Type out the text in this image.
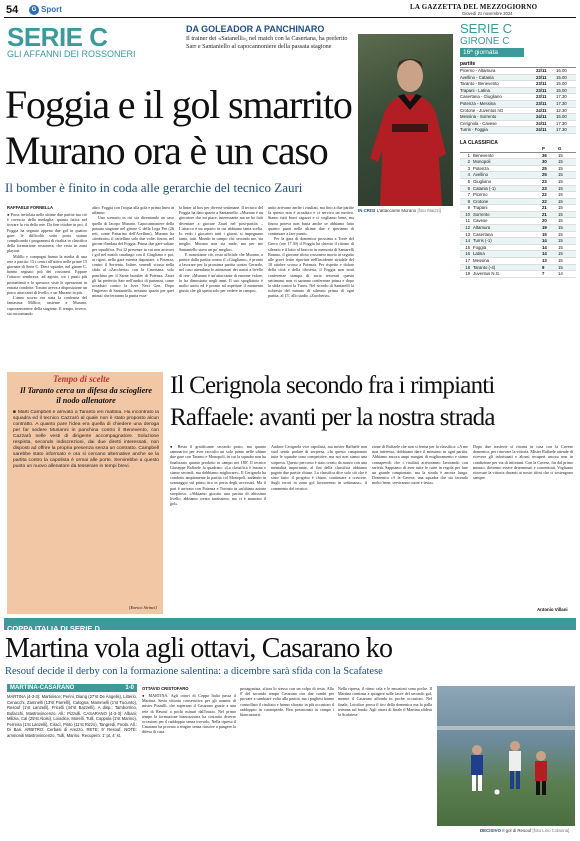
54	G Sport	LA GAZZETTA DEL MEZZOGIORNO
Giovedì 21 novembre 2024
SERIE C
GLI AFFANNI DEI ROSSONERI
DA GOLEADOR A PANCHINARO
Il trainer dei «Satanelli», nel match con la Casertana, ha preferito Sarr e Santaniello al capocannoniere della passata stagione
IN CRISI L'attaccante Murano [foto Maizzi]
Foggia e il gol smarrito
Murano ora è un caso
Il bomber è finito in coda alle gerarchie del tecnico Zauri
RAFFAELE FORNELLA

● Porta inviolata nelle ultime due partite ma ciò è rovescio della medaglia: quanta fatica nel trovare la via della rete. Da fine ottobre in poi, il Foggia ha segnato appena due gol in quattro gare: le difficoltà sotto porta stanno complicando i programmi di risalita in classifica della formazione rossonera, che resta in zona playout.

Milillo e compagni hanno la media di una rete a partita: 15 i centri all'attivo nelle prime 15 giornate di Serie C. Dieci squadre, nel girone C, hanno segnato più dei rossoneri. Eppure l'attacco sembrava, ad agosto, tra i punti più promettenti e lo spessore viste le operazioni in entrata condotte. Tonino aveva a disposizione un parco attaccanti di livello, e un Murano in più.

L'anno scorso era stata la conferma del fantasista Millico, assieme a Murano, capocannoniere della stagione. Il tempo, invece, sta raccontando

altro. Foggia con l'acqua alla gola e prima linea in affanno.

Uno scenario in cui sta diventando un caso quello di Jacopo Murano. Capocannoniere della passata stagione nel girone C della Lega Pro (26 reti, come Pattarino dell'Avellino), Murano ha «timbrato» il cartellino solo due volte, finora, nel girone d'andata del Foggia. Prima due gare saltate per squalifica. Poi 12 presenze in cui non arrivavi i gol nel match casalingo con il Giugliano e poi, ai rigori, nella gara esterna dapostare, a Potenza, contro il Sorrento. Infine, venerdì scorso nella sfida al «Zaccheria» con la Casertana, solo panchina per il Sarne bomber di Potenza. Zauri gli ha preferito Sarr nell'undici di partenza, come accaduto contro la Juve Next Gen. Dopo l'ingresso di Santaniello, nessuno spazio per quei minuti che terranno la punta esca-

la linter al box per diverse settimane. Il tecnico del Foggia ha dato spazio a Santaniello. «Murano è un giocatore che mi piace, interessante ma ne ho fatti diventare a giocare Zauri nel post-partita – L'attacco è un reparto in cui abbiamo tanta scelta. Io vedo i giocatori tutti i giorni, si impegnano tanto, tutti. Mondo in campo chi, secondo me, sta meglio. Murano non sta male, ma per me Santaniello stava un po' meglio».

E nonostante ciò, resta ufficiale che Murano, a partire dalla partita contro il «Giugliano», è pronto a lavorare per la prossima partita contro Gerardo, nel caso attendano le attenzioni dei nastri a livello di rete. «Murano è un'attaccante di enorme valore, lo ha dimostrato negli anni. Il suo spogliatoio è molto unito ed è pronto ad aspettare il momento giusto che gli spetta solo per vedere in campo».

unito arrivano anche i risultati, ma fino a due partite fa questo non è accaduto e ci serviva un motivo. Siamo tutti bravi ragazzi e ci vogliamo bene, ma finora poteva non basta anche se abbiamo fatto quattro punti nelle ultime due e speriamo di continuare a fare punti».

Per la gara di domenica prossima a Torre del Greco (ore 17.30) il Foggia ha chiesto il ritorno di silenzio e il lutto al braccio in memoria di Santarelli Brunno, il giovane tifoso rossonero morto in seguito alle gravi ferite riportate nell'incidente stradale del 18 ottobre scorso a Potenza. Per rispetto e dolore della città e della tifoseria, il Foggia non terrà conferenze stampa di sorta tesserati questa settimana, non ci saranno conferenze prima e dopo la sfida contro la Turris. Nel ricordo di Santarelli la richiesta del minuto di silenzio prima di ogni partita, al 15', allo stadio «Zaccheria».

SERIE C
GIRONE C
16ª giornata
partite
Picerno - Altamura	22/11	16.00
Avellino - Catania	23/11	15.00
Taranto - Benevento	23/11	15.00
Trapani - Latina	23/11	15.00
Casertana - Giugliano	23/11	17.30
Potenza - Messina	23/11	17.30
Crotone - Juventus nG	24/11	12.30
Messina - Sorrento	24/11	15.00
Cerignola - Cavese	24/11	17.30
Turris - Foggia	24/11	17.30
LA CLASSIFICA
P	G
1 Benevento	36	15
2 Monopoli	30	15
3 Potenza	25	15
4 Avellino	25	15
5 Giugliano	23	15
6 Catania (-1)	23	15
7 Picerno	22	15
8 Crotone	22	15
9 Trapani	21	15
10 Sorrento	21	15
11 Cavese	20	15
12 Altamura	19	15
13 Casertana	15	15
14 Turris (-1)	14	15
15 Foggia	14	15
16 Latina	14	15
17 Messina	13	15
18 Taranto (-4)	9	15
19 Juventus N.G.	7	14
Tempo di scelte
Il Taranto cerca un difesa da sciogliere il nodo allenatore
■ Marti Campbell è arrivato a Taranto ieri mattina. Ha incontrato la squadra ed il tecnico Cazzarò al quale non è stato proposto alcun contratto. A quanto pare l'idea era quella di chiedere una deroga per far sedere Murianni in panchina contro il Benevento, con Cazzarò nelle vesti di dirigente accompagnatore. Soluzione respinta, secondo indiscrezioni, dai due diretti interessati, non disposti ad offrire la propria presenza senza un contratto. Campbell sarebbe stato informato e ora si cercano alternative anche se la partita contro la capolista è ormai alle porte. Servirebbe a questo punto un nuovo allenatore da tesserare in tempi brevi.
[Enrico Sirinci]
Il Cerignola secondo fra i rimpianti
Raffaele: avanti per la nostra strada
● Resta il gratificante secondo posto, ma quanto rammarico per aver raccolto un solo punto nelle ultime due gare con Taranto e Monopoli, in cui la squadra non ha finalizzato quanto prodotto in campo nei 180'. Il tecnico Giuseppe Raffaele fa quadrato: «La classifica è buona e siamo secondi, ma dobbiamo migliorare». Il Cerignola ha condotto ampiamente la partita col Monopoli, andando in svantaggio sul primo tiro in porta degli avversari. Ma il pari è arrivato con Potenza e Toronto in un'ultima azione strepitosa. «Abbiamo giocato una partita di altissimo livello, abbiamo creato tantissimo, ma ci è mancato il gol».
Audace Cerignola vice capolista, ma mister Raffaele non vuol sentir parlare di sorpresa. «In questo campionato tutte le squadre sono competitive, ma noi non siamo una sorpresa. Questo percorso è stato creato da marzo con una mentalità importante, al fini della classifica abbiamo pagato due partite chiuse. La classifica dice solo ciò che è stato fatto: il progetto è chiaro, continuare a crescere. Sugli errori in zona gol lavoreremo in settimana», il commento del tecnico.
zione di Raffaele che non si ferma per la classifica: «A me non interessa, dobbiamo dare il massimo in ogni partita. Abbiamo ancora ampi margini di miglioramento e siamo consapevoli che i risultati arriveranno lavorando con serietà. Sappiamo di aver tutte le carte in regola per fare un grande campionato, ma la strada è ancora lunga. Domenica c'è la Cavese, una squadra che sta facendo molto bene, serviranno cuore e testa».
Dopo due trasferte sì ritorna in casa con la Cavese domenica, per ritrovare la vittoria. Mister Raffaele attende di ricevere gli infortunati e alcuni recuperi ancora non in condizione per via di infortuni. Con la Cavese, fin dal primo minuto, dovremo essere determinati e concentrati. Vogliamo ritrovare la vittoria davanti ai nostri tifosi che ci sostengono sempre.
Antonio Villani
COPPA ITALIA DI SERIE D
Martina vola agli ottavi, Casarano ko
Resouf decide il derby con la formazione salentina: a dicembre sarà sfida con la Scafatese
MARTINA-CASARANO	1-0
MARTINA (4-3-3): Martinisce; Perini, Diang (27'st De Angelis), Litterio, Cenacchi, Zamnelli (13'st Parrelli), Calogna, Mammelli (1'st Tucunto), Resouf (1'st Lanzelli), Fricelli (44'st Bazzelli). A disp.: Tamborrino, Bufacchi, Mastrovincenzo. All.: Pizzulli. CASARANO (4-3-3): Albani; Milizia, Cal (25'st Aloisi), Loiodice, Morelli, Tulli, Coppola (1'st Marino), Ferreira (1'st Lanzelli), Ciracì, Pinto (11'st Rizzo), Tangredi, Feola. All.: Di Bari. ARBITRO: Cerbasi di Arezzo. RETE: 9' Resouf. NOTE: ammoniti Mastrovincenzo, Tulli, Marino. Recupero: 1' pt, 4' st.
OTTAVIO CRISTOFARO
● MARTINA. Agli ottavi di Coppa Italia passa il Martina. Sesta vittoria consecutiva per gli uomini di mister Pizzulli, che superano il Casarano grazie a una rete di Resouf a pochi minuti dall'inizio. Nel primo tempo la formazione biancazzurra ha costruito diverse occasioni per il raddoppio senza trovarlo. Nella ripresa il Casarano ha provato a reagire senza riuscire a pungere la difesa di casa.
protagonista, sfiora lo stesso con un colpo di testa. Allo 0' del secondo tempo Casarano con due cambi per provare a cambiare volto alla partita, ma i pugliesi hanno controllato il risultato e hanno sfiorato in più occasioni il raddoppio in contropiede. Ben posizionati in campo i biancazzurri.
Nella ripresa, il ritmo cala e le emozioni sono poche. Il Martina continua a spingere sulle fasce del secondo gol, mentre il Casarano affonda in poche occasioni. Nel finale, Loiodice prova il tiro della domenica ma la palla termina sul fondo. Agli ottavi di finale il Martina sfiderà la Scafatese.
DECISIVO Il gol di Resouf [foto Lino Colanna]
